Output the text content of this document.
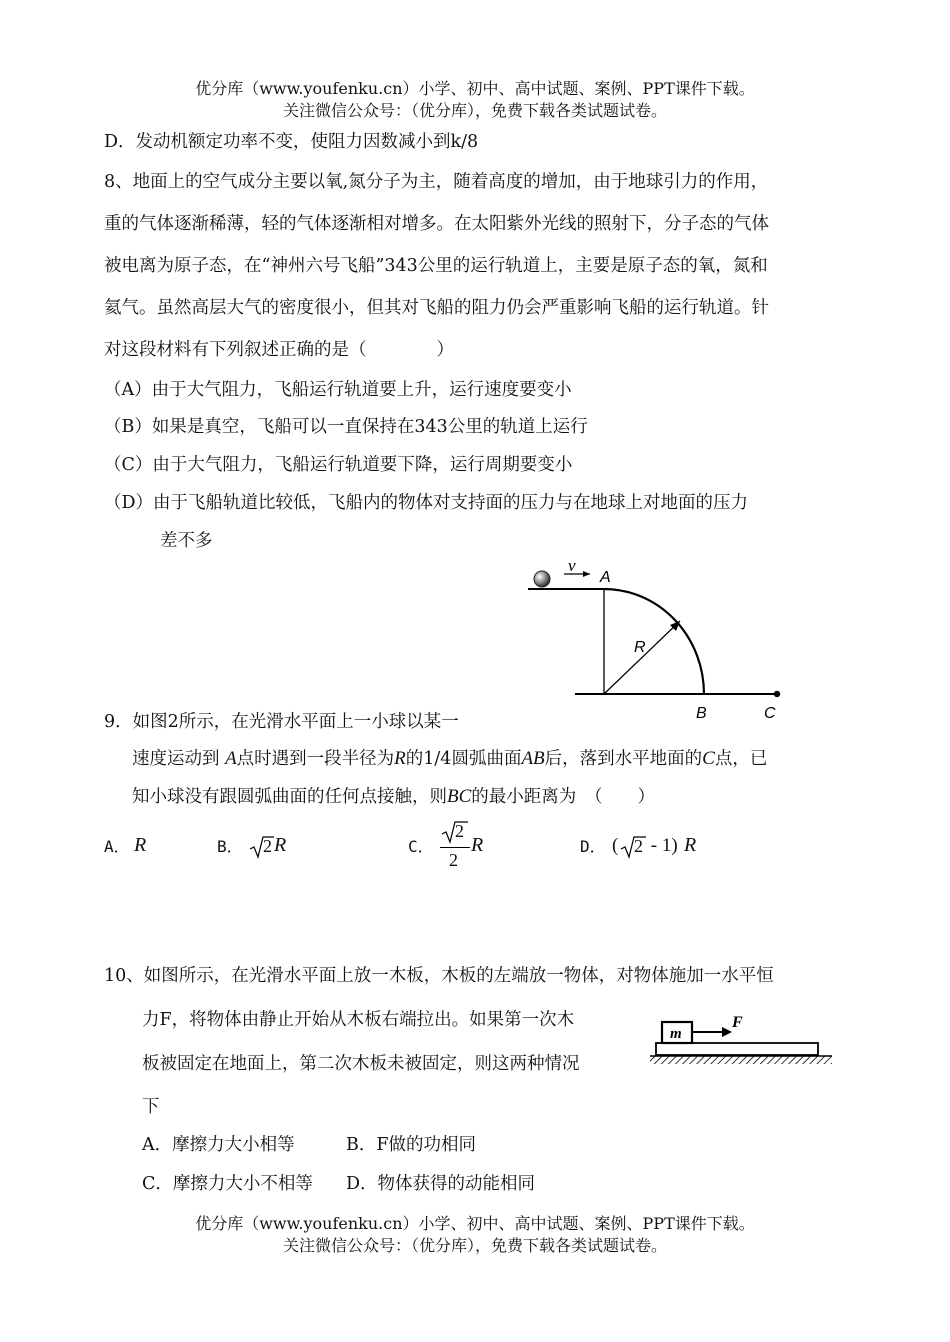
优分库（www.youfenku.cn）小学、初中、高中试题、案例、PPT课件下载。
关注微信公众号：（优分库），免费下载各类试题试卷。
D．发动机额定功率不变，使阻力因数减小到k/8
8、地面上的空气成分主要以氧,氮分子为主，随着高度的增加，由于地球引力的作用，
重的气体逐渐稀薄，轻的气体逐渐相对增多。在太阳紫外光线的照射下，分子态的气体
被电离为原子态，在“神州六号飞船”343公里的运行轨道上，主要是原子态的氧，氮和
氦气。虽然高层大气的密度很小，但其对飞船的阻力仍会严重影响飞船的运行轨道。针
对这段材料有下列叙述正确的是（　　　　）
（A）由于大气阻力，飞船运行轨道要上升，运行速度要变小
（B）如果是真空，飞船可以一直保持在343公里的轨道上运行
（C）由于大气阻力，飞船运行轨道要下降，运行周期要变小
（D）由于飞船轨道比较低，飞船内的物体对支持面的压力与在地球上对地面的压力
差不多
v
A
R
B	C
9．如图2所示，在光滑水平面上一小球以某一
速度运动到 A点时遇到一段半径为R的1/4圆弧曲面AB后，落到水平地面的C点，已
知小球没有跟圆弧曲面的任何点接触，则BC的最小距离为　（　　）
A． R	B． 2 R	C．
2
2
R	D． ( 2 - 1) R
10、如图所示，在光滑水平面上放一木板，木板的左端放一物体，对物体施加一水平恒
力F，将物体由静止开始从木板右端拉出。如果第一次木
板被固定在地面上，第二次木板未被固定，则这两种情况
下
m
F
A．摩擦力大小相等	B．F做的功相同
C．摩擦力大小不相等 D．物体获得的动能相同
优分库（www.youfenku.cn）小学、初中、高中试题、案例、PPT课件下载。
关注微信公众号：（优分库），免费下载各类试题试卷。
